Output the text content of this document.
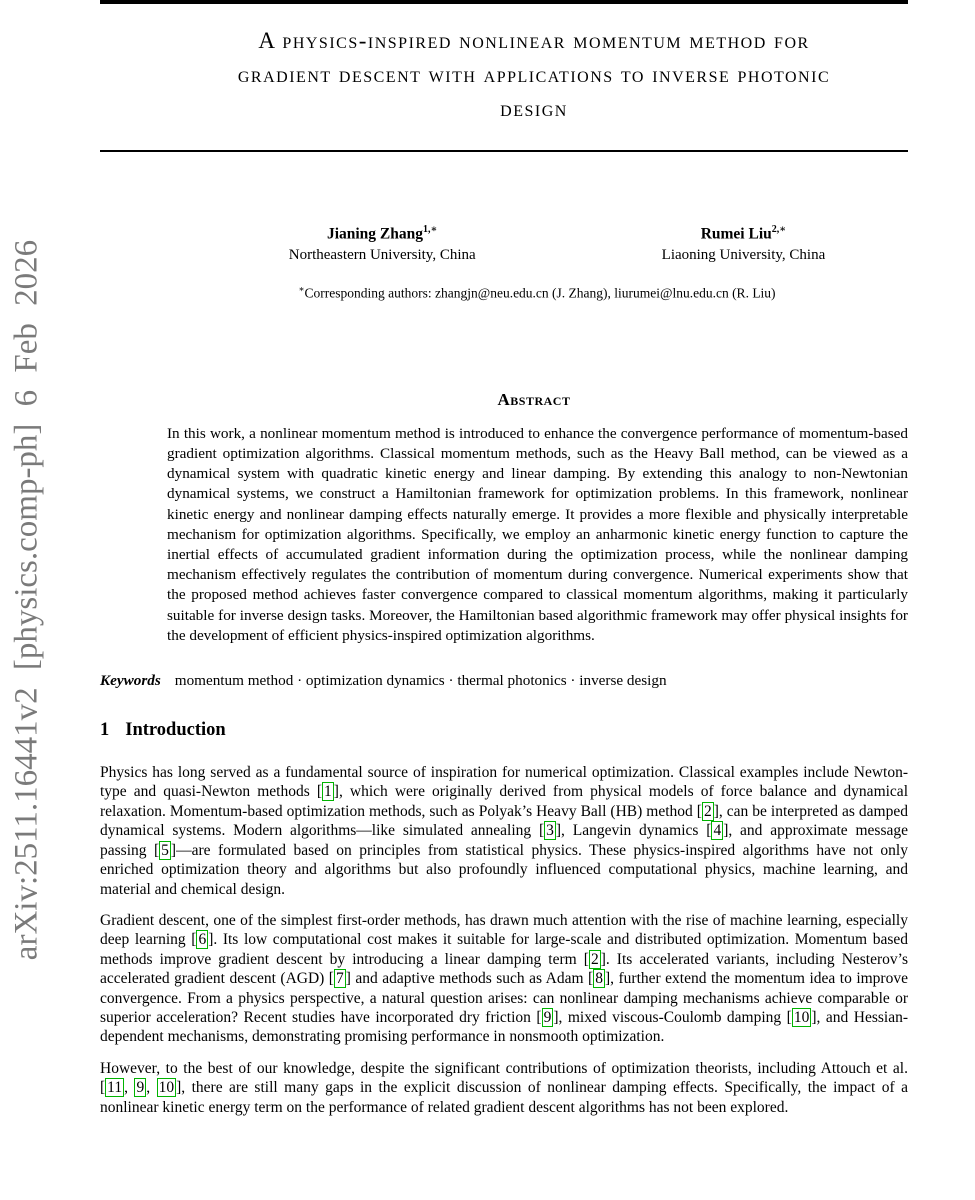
arXiv:2511.16441v2 [physics.comp-ph] 6 Feb 2026
A physics-inspired nonlinear momentum method for
gradient descent with applications to inverse photonic
design
Jianing Zhang$^{1,∗}$
Northeastern University, China
Rumei Liu$^{2,∗}$
Liaoning University, China
∗Corresponding authors: zhangjn@neu.edu.cn (J. Zhang), liurumei@lnu.edu.cn (R. Liu)
Abstract

In this work, a nonlinear momentum method is introduced to enhance the convergence performance of momentum-based gradient optimization algorithms. Classical momentum methods, such as the Heavy Ball method, can be viewed as a dynamical system with quadratic kinetic energy and linear damping. By extending this analogy to non-Newtonian dynamical systems, we construct a Hamiltonian framework for optimization problems. In this framework, nonlinear kinetic energy and nonlinear damping effects naturally emerge. It provides a more flexible and physically interpretable mechanism for optimization algorithms. Specifically, we employ an anharmonic kinetic energy function to capture the inertial effects of accumulated gradient information during the optimization process, while the nonlinear damping mechanism effectively regulates the contribution of momentum during convergence. Numerical experiments show that the proposed method achieves faster convergence compared to classical momentum algorithms, making it particularly suitable for inverse design tasks. Moreover, the Hamiltonian based algorithmic framework may offer physical insights for the development of efficient physics-inspired optimization algorithms.

Keywords momentum method · optimization dynamics · thermal photonics · inverse design
1 Introduction

Physics has long served as a fundamental source of inspiration for numerical optimization. Classical examples include Newton-type and quasi-Newton methods [ 1 ], which were originally derived from physical models of force balance and dynamical relaxation. Momentum-based optimization methods, such as Polyak’s Heavy Ball (HB) method [ 2 ], can be interpreted as damped dynamical systems. Modern algorithms—like simulated annealing [ 3 ], Langevin dynamics [ 4 ], and approximate message passing [ 5 ]—are formulated based on principles from statistical physics. These physics-inspired algorithms have not only enriched optimization theory and algorithms but also profoundly influenced computational physics, machine learning, and material and chemical design.

Gradient descent, one of the simplest first-order methods, has drawn much attention with the rise of machine learning, especially deep learning [ 6 ]. Its low computational cost makes it suitable for large-scale and distributed optimization. Momentum based methods improve gradient descent by introducing a linear damping term [ 2 ]. Its accelerated variants, including Nesterov’s accelerated gradient descent (AGD) [ 7 ] and adaptive methods such as Adam [ 8 ], further extend the momentum idea to improve convergence. From a physics perspective, a natural question arises: can nonlinear damping mechanisms achieve comparable or superior acceleration? Recent studies have incorporated dry friction [ 9 ], mixed viscous-Coulomb damping [ 10 ], and Hessian-dependent mechanisms, demonstrating promising performance in nonsmooth optimization.

However, to the best of our knowledge, despite the significant contributions of optimization theorists, including Attouch et al. [ 11 , 9 , 10 ], there are still many gaps in the explicit discussion of nonlinear damping effects. Specifically, the impact of a nonlinear kinetic energy term on the performance of related gradient descent algorithms has not been explored.
